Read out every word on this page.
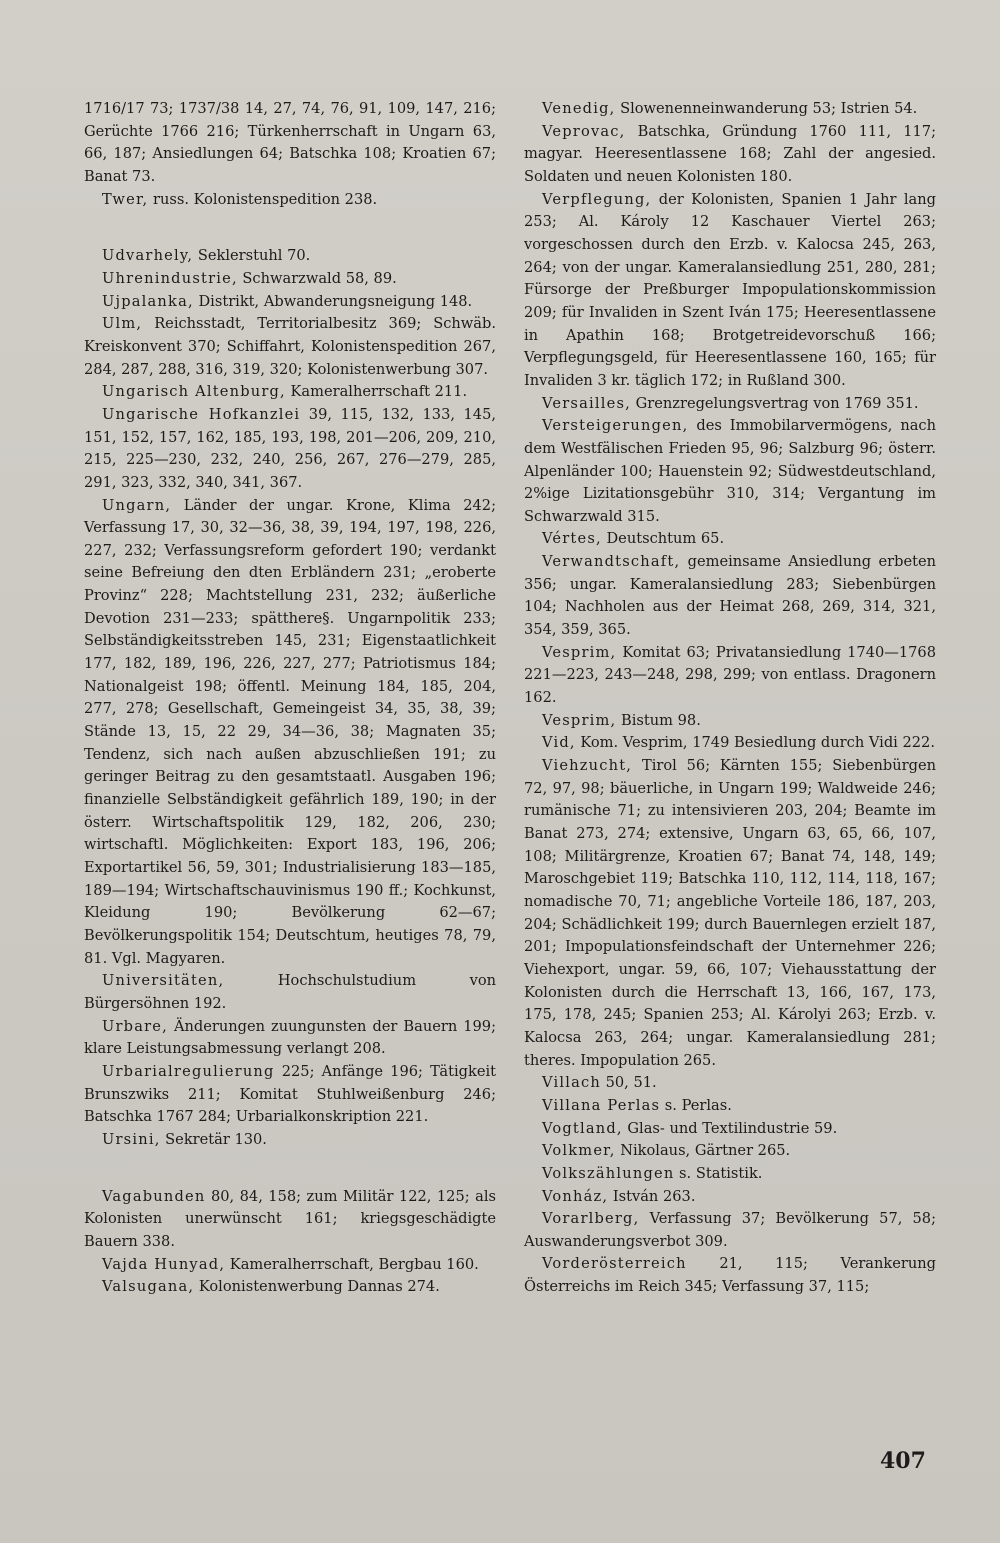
1716/17 73; 1737/38 14, 27, 74, 76, 91, 109, 147, 216; Gerüchte 1766 216; Türkenherrschaft in Ungarn 63, 66, 187; Ansiedlungen 64; Batschka 108; Kroatien 67; Banat 73.

Twer, russ. Kolonistenspedition 238.

Udvarhely, Seklerstuhl 70.

Uhrenindustrie, Schwarzwald 58, 89.

Ujpalanka, Distrikt, Abwanderungsneigung 148.

Ulm, Reichsstadt, Territorialbesitz 369; Schwäb. Kreiskonvent 370; Schiffahrt, Kolonistenspedition 267, 284, 287, 288, 316, 319, 320; Kolonistenwerbung 307.

Ungarisch Altenburg, Kameralherrschaft 211.

Ungarische Hofkanzlei 39, 115, 132, 133, 145, 151, 152, 157, 162, 185, 193, 198, 201—206, 209, 210, 215, 225—230, 232, 240, 256, 267, 276—279, 285, 291, 323, 332, 340, 341, 367.

Ungarn, Länder der ungar. Krone, Klima 242; Verfassung 17, 30, 32—36, 38, 39, 194, 197, 198, 226, 227, 232; Verfassungsreform gefordert 190; verdankt seine Befreiung den dten Erbländern 231; „eroberte Provinz“ 228; Machtstellung 231, 232; äußerliche Devotion 231—233; spätthere§. Ungarnpolitik 233; Selbständigkeitsstreben 145, 231; Eigenstaatlichkeit 177, 182, 189, 196, 226, 227, 277; Patriotismus 184; Nationalgeist 198; öffentl. Meinung 184, 185, 204, 277, 278; Gesellschaft, Gemeingeist 34, 35, 38, 39; Stände 13, 15, 22 29, 34—36, 38; Magnaten 35; Tendenz, sich nach außen abzuschließen 191; zu geringer Beitrag zu den gesamtstaatl. Ausgaben 196; finanzielle Selbständigkeit gefährlich 189, 190; in der österr. Wirtschaftspolitik 129, 182, 206, 230; wirtschaftl. Möglichkeiten: Export 183, 196, 206; Exportartikel 56, 59, 301; Industrialisierung 183—185, 189—194; Wirtschaftschauvinismus 190 ff.; Kochkunst, Kleidung 190; Bevölkerung 62—67; Bevölkerungspolitik 154; Deutschtum, heutiges 78, 79, 81. Vgl. Magyaren.

Universitäten, Hochschulstudium von Bürgersöhnen 192.

Urbare, Änderungen zuungunsten der Bauern 199; klare Leistungsabmessung verlangt 208.

Urbarialregulierung 225; Anfänge 196; Tätigkeit Brunszwiks 211; Komitat Stuhlweißenburg 246; Batschka 1767 284; Urbarialkonskription 221.

Ursini, Sekretär 130.

Vagabunden 80, 84, 158; zum Militär 122, 125; als Kolonisten unerwünscht 161; kriegsgeschädigte Bauern 338.

Vajda Hunyad, Kameralherrschaft, Bergbau 160.

Valsugana, Kolonistenwerbung Dannas 274.

Venedig, Slowenenneinwanderung 53; Istrien 54.

Veprovac, Batschka, Gründung 1760 111, 117; magyar. Heeresentlassene 168; Zahl der angesied. Soldaten und neuen Kolonisten 180.

Verpflegung, der Kolonisten, Spanien 1 Jahr lang 253; Al. Károly 12 Kaschauer Viertel 263; vorgeschossen durch den Erzb. v. Kalocsa 245, 263, 264; von der ungar. Kameralansiedlung 251, 280, 281; Fürsorge der Preßburger Impopulationskommission 209; für Invaliden in Szent Iván 175; Heeresentlassene in Apathin 168; Brotgetreidevorschuß 166; Verpflegungsgeld, für Heeresentlassene 160, 165; für Invaliden 3 kr. täglich 172; in Rußland 300.

Versailles, Grenzregelungsvertrag von 1769 351.

Versteigerungen, des Immobilarvermögens, nach dem Westfälischen Frieden 95, 96; Salzburg 96; österr. Alpenländer 100; Hauenstein 92; Südwestdeutschland, 2%ige Lizitationsgebühr 310, 314; Vergantung im Schwarzwald 315.

Vértes, Deutschtum 65.

Verwandtschaft, gemeinsame Ansiedlung erbeten 356; ungar. Kameralansiedlung 283; Siebenbürgen 104; Nachholen aus der Heimat 268, 269, 314, 321, 354, 359, 365.

Vesprim, Komitat 63; Privatansiedlung 1740—1768 221—223, 243—248, 298, 299; von entlass. Dragonern 162.

Vesprim, Bistum 98.

Vid, Kom. Vesprim, 1749 Besiedlung durch Vidi 222.

Viehzucht, Tirol 56; Kärnten 155; Siebenbürgen 72, 97, 98; bäuerliche, in Ungarn 199; Waldweide 246; rumänische 71; zu intensivieren 203, 204; Beamte im Banat 273, 274; extensive, Ungarn 63, 65, 66, 107, 108; Militärgrenze, Kroatien 67; Banat 74, 148, 149; Maroschgebiet 119; Batschka 110, 112, 114, 118, 167; nomadische 70, 71; angebliche Vorteile 186, 187, 203, 204; Schädlichkeit 199; durch Bauernlegen erzielt 187, 201; Impopulationsfeindschaft der Unternehmer 226; Viehexport, ungar. 59, 66, 107; Viehausstattung der Kolonisten durch die Herrschaft 13, 166, 167, 173, 175, 178, 245; Spanien 253; Al. Károlyi 263; Erzb. v. Kalocsa 263, 264; ungar. Kameralansiedlung 281; theres. Impopulation 265.

Villach 50, 51.

Villana Perlas s. Perlas.

Vogtland, Glas- und Textilindustrie 59.

Volkmer, Nikolaus, Gärtner 265.

Volkszählungen s. Statistik.

Vonház, István 263.

Vorarlberg, Verfassung 37; Bevölkerung 57, 58; Auswanderungsverbot 309.

Vorderösterreich 21, 115; Verankerung Österreichs im Reich 345; Verfassung 37, 115;

407
